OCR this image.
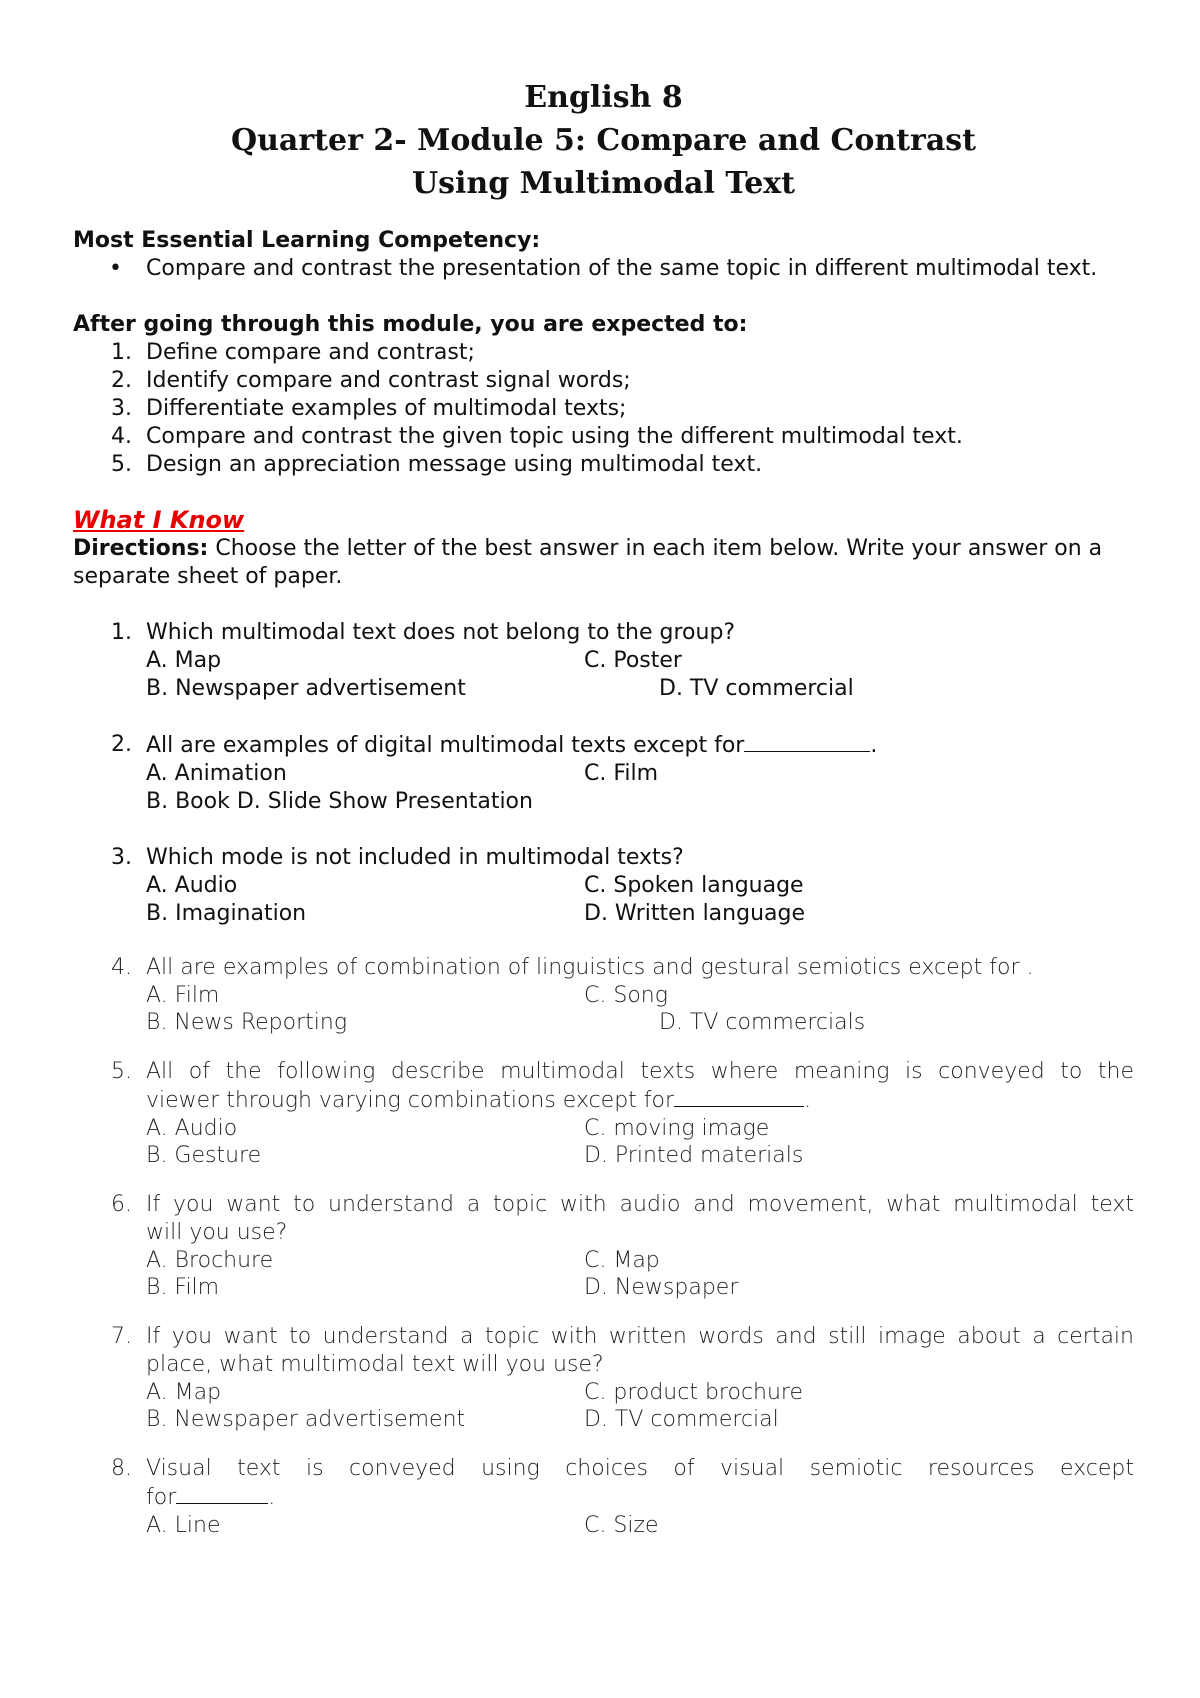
English 8

Quarter 2- Module 5: Compare and Contrast

Using Multimodal Text

Most Essential Learning Competency:
•	Compare and contrast the presentation of the same topic in different multimodal text.
After going through this module, you are expected to:
1. Define compare and contrast;
2. Identify compare and contrast signal words;
3. Differentiate examples of multimodal texts;
4. Compare and contrast the given topic using the different multimodal text.
5. Design an appreciation message using multimodal text.
What I Know
Directions: Choose the letter of the best answer in each item below. Write your answer on a separate sheet of paper.
1. Which multimodal text does not belong to the group?
A. Map	C. Poster
B. Newspaper advertisement	D. TV commercial
2. All are examples of digital multimodal texts except for	.
A. Animation	C. Film
B. Book D. Slide Show Presentation
3. Which mode is not included in multimodal texts?
A. Audio	C. Spoken language
B. Imagination	D. Written language
4. All are examples of combination of linguistics and gestural semiotics except for .
A. Film	C. Song
B. News Reporting	D. TV commercials
5. All of the following describe multimodal texts where meaning is conveyed to the
viewer through varying combinations except for	.
A. Audio	C. moving image
B. Gesture	D. Printed materials
6. If you want to understand a topic with audio and movement, what multimodal text
will you use?
A. Brochure	C. Map
B. Film	D. Newspaper
7. If you want to understand a topic with written words and still image about a certain
place, what multimodal text will you use?
A. Map	C. product brochure
B. Newspaper advertisement	D. TV commercial
8. Visual text is conveyed using choices of visual semiotic resources except
for	.
A. Line	C. Size
